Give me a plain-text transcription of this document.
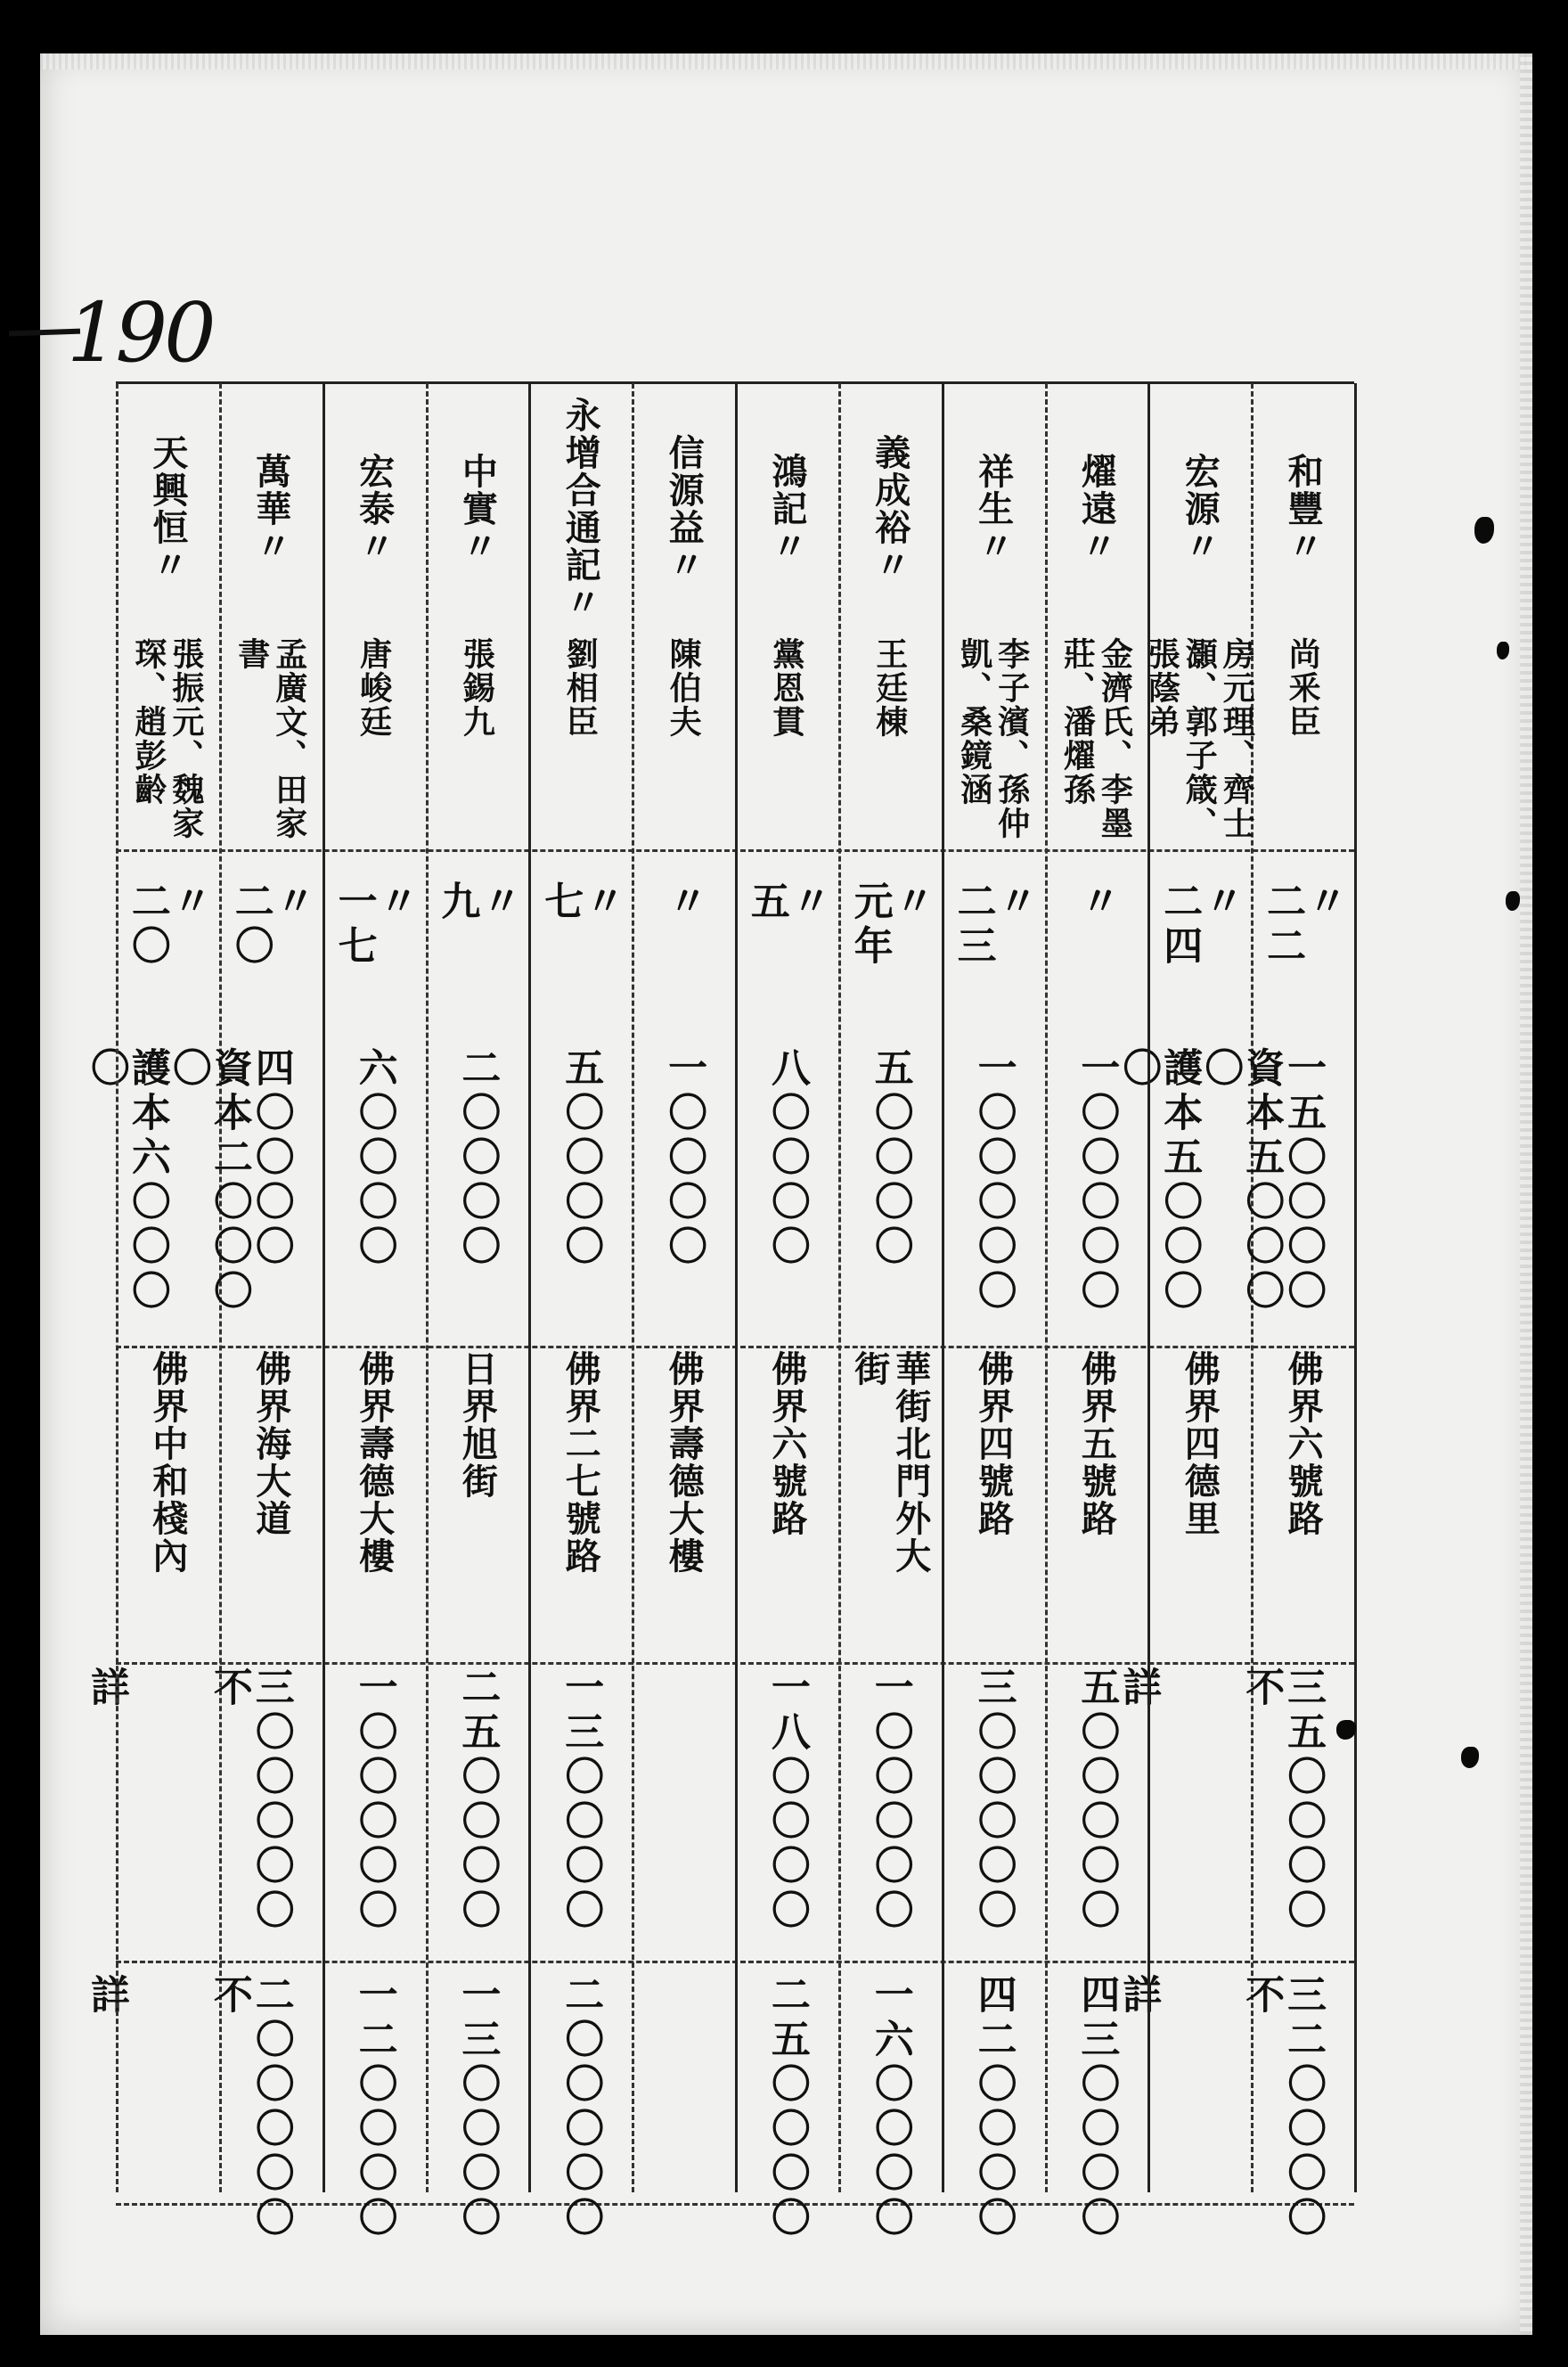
190
和豐
〃
尚釆臣
〃
二二
一五〇〇〇〇
佛界六號路
三五〇〇〇〇
三二〇〇〇〇
宏源
〃
房元理、齊士
灝、郭子箴、
張蔭弟
〃
二四
資本五〇〇〇〇
護本五〇〇〇〇
佛界四德里
不

詳
不

詳
燿遠
〃
金濟氏、李墨
莊、潘燿孫
〃
一〇〇〇〇〇
佛界五號路
五〇〇〇〇〇
四三〇〇〇〇
祥生
〃
李子濱、孫仲
凱、桑鏡涵
〃
二三
一〇〇〇〇〇
佛界四號路
三〇〇〇〇〇
四二〇〇〇〇
義成裕
〃
王廷棟
〃
元年
五〇〇〇〇
華街北門外大
街
一〇〇〇〇〇
一六〇〇〇〇
鴻記
〃
黨恩貫
〃
五
八〇〇〇〇
佛界六號路
一八〇〇〇〇
二五〇〇〇〇
信源益
〃
陳伯夫
〃
一〇〇〇〇
佛界壽德大樓
永增合通記
〃
劉相臣
〃
七
五〇〇〇〇
佛界二七號路
一三〇〇〇〇
二〇〇〇〇〇
中實
〃
張錫九
〃
九
二〇〇〇〇
日界旭街
二五〇〇〇〇
一三〇〇〇〇
宏泰
〃
唐峻廷
〃
一七
六〇〇〇〇
佛界壽德大樓
一〇〇〇〇〇
一二〇〇〇〇
萬華
〃
孟廣文、田家
書
〃
二〇
四〇〇〇〇
佛界海大道
三〇〇〇〇〇
二〇〇〇〇〇
天興恒
〃
張振元、魏家
琛、趙彭齡
〃
二〇
資本二〇〇〇〇
護本六〇〇〇〇
佛界中和棧內
不

詳
不

詳
